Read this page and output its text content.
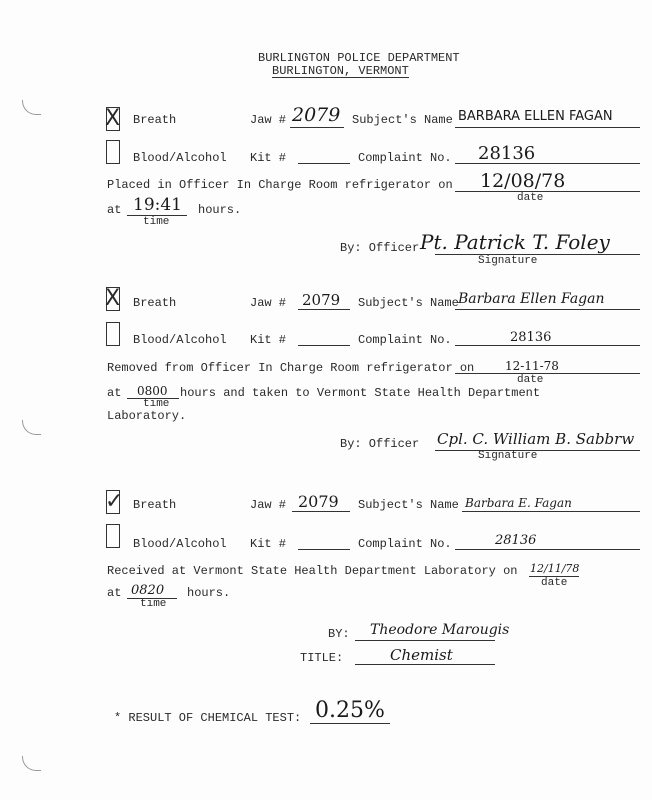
BURLINGTON POLICE DEPARTMENT
BURLINGTON, VERMONT
X Breath	Jaw # 2079 Subject's Name BARBARA ELLEN FAGAN
Blood/Alcohol Kit #	Complaint No. 28136
Placed in Officer In Charge Room refrigerator on 12/08/78
date
at 19:41
time
hours.
By: Officer Pt. Patrick T. Foley
Signature
X Breath	Jaw # 2079 Subject's Name Barbara Ellen Fagan
Blood/Alcohol Kit #	Complaint No.	28136
Removed from Officer In Charge Room refrigerator on	12-11-78
date
at 0800
time
hours and taken to Vermont State Health Department
Laboratory.
By: Officer Cpl. C. William B. Sabbrw
Signature
✓ Breath	Jaw # 2079 Subject's Name Barbara E. Fagan
Blood/Alcohol Kit #	Complaint No.	28136
Received at Vermont State Health Department Laboratory on 12/11/78
date
at 0820
time
hours.
BY: Theodore Marougis
TITLE:	Chemist
* RESULT OF CHEMICAL TEST: 0.25%
